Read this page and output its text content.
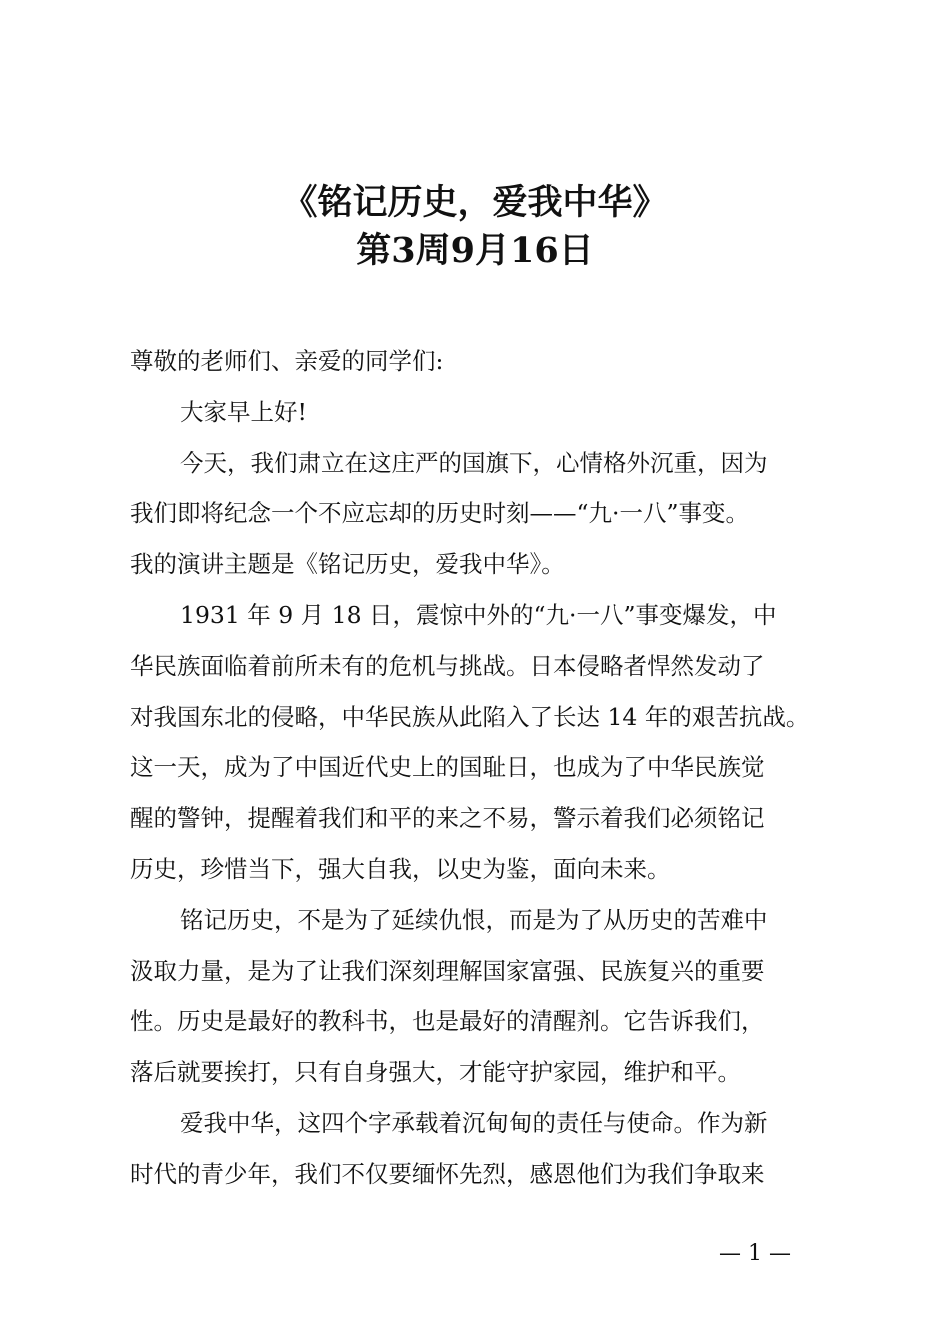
《铭记历史，爱我中华》
第3周9月16日
尊敬的老师们、亲爱的同学们:
大家早上好!
今天，我们肃立在这庄严的国旗下，心情格外沉重，因为
我们即将纪念一个不应忘却的历史时刻——“九·一八”事变。
我的演讲主题是《铭记历史，爱我中华》。
1931 年 9 月 18 日，震惊中外的“九·一八”事变爆发，中
华民族面临着前所未有的危机与挑战。日本侵略者悍然发动了
对我国东北的侵略，中华民族从此陷入了长达 14 年的艰苦抗战。
这一天，成为了中国近代史上的国耻日，也成为了中华民族觉
醒的警钟，提醒着我们和平的来之不易，警示着我们必须铭记
历史，珍惜当下，强大自我，以史为鉴，面向未来。
铭记历史，不是为了延续仇恨，而是为了从历史的苦难中
汲取力量，是为了让我们深刻理解国家富强、民族复兴的重要
性。历史是最好的教科书，也是最好的清醒剂。它告诉我们，
落后就要挨打，只有自身强大，才能守护家园，维护和平。
爱我中华，这四个字承载着沉甸甸的责任与使命。作为新
时代的青少年，我们不仅要缅怀先烈，感恩他们为我们争取来
— 1 —
